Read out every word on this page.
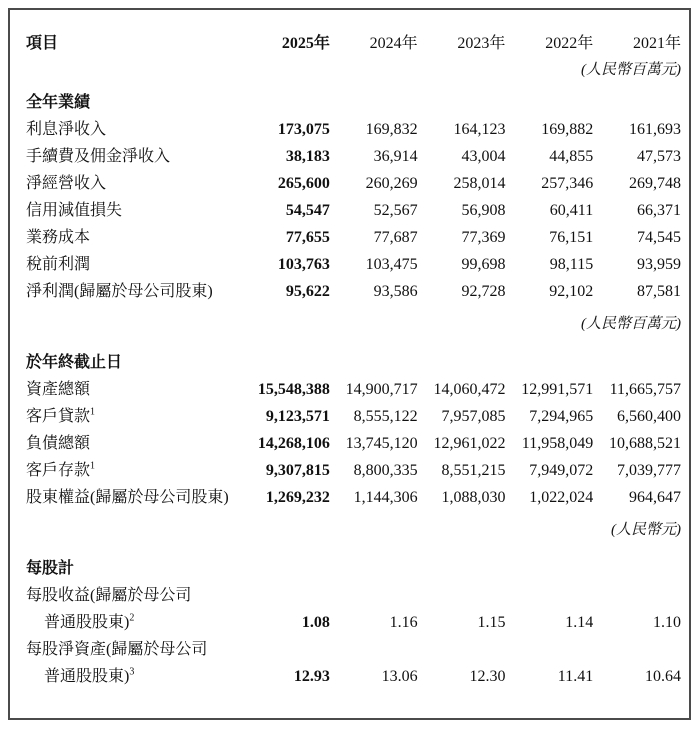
項目	2025年	2024年	2023年	2022年	2021年
(人民幣百萬元)					

全年業績					
利息淨收入	173,075	169,832	164,123	169,882	161,693
手續費及佣金淨收入	38,183	36,914	43,004	44,855	47,573
淨經營收入	265,600	260,269	258,014	257,346	269,748
信用減值損失	54,547	52,567	56,908	60,411	66,371
業務成本	77,655	77,687	77,369	76,151	74,545
稅前利潤	103,763	103,475	99,698	98,115	93,959
淨利潤(歸屬於母公司股東)	95,622	93,586	92,728	92,102	87,581

(人民幣百萬元)					

於年終截止日					
資產總額	15,548,388	14,900,717	14,060,472	12,991,571	11,665,757
客戶貸款$^1$	9,123,571	8,555,122	7,957,085	7,294,965	6,560,400
負債總額	14,268,106	13,745,120	12,961,022	11,958,049	10,688,521
客戶存款$^1$	9,307,815	8,800,335	8,551,215	7,949,072	7,039,777
股東權益(歸屬於母公司股東)	1,269,232	1,144,306	1,088,030	1,022,024	964,647

(人民幣元)					

每股計					
每股收益(歸屬於母公司					
普通股股東)$^2$	1.08	1.16	1.15	1.14	1.10
每股淨資產(歸屬於母公司					
普通股股東)$^3$	12.93	13.06	12.30	11.41	10.64
